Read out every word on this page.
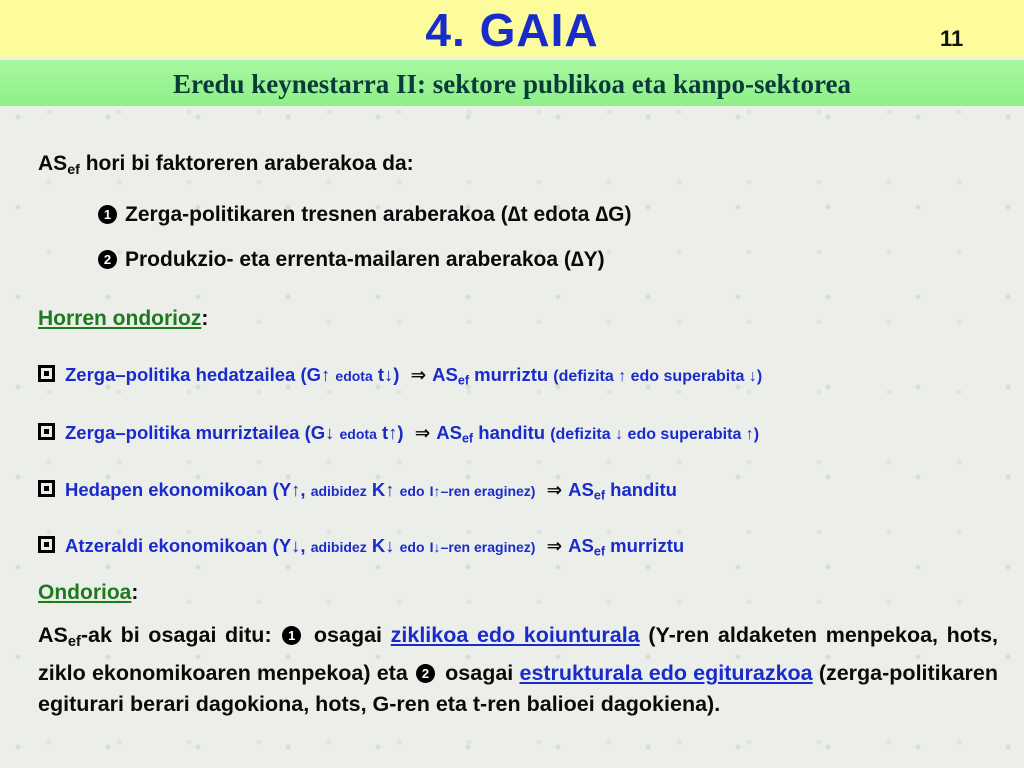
4. GAIA	11
Eredu keynestarra II: sektore publikoa eta kanpo-sektorea
$AS_{ef}$ hori bi faktoreren araberakoa da:
1 Zerga-politikaren tresnen araberakoa (∆t edota ∆G)
2 Produkzio- eta errenta-mailaren araberakoa (∆Y)
Horren ondorioz:
Zerga–politika hedatzailea (G↑ edota t↓) ⇒ $AS_{ef}$ murriztu (defizita ↑ edo superabita ↓)
Zerga–politika murriztailea (G↓ edota t↑) ⇒ $AS_{ef}$ handitu (defizita ↓ edo superabita ↑)
Hedapen ekonomikoan (Y↑, adibidez K↑ edo I↑–ren eraginez) ⇒ $AS_{ef}$ handitu
Atzeraldi ekonomikoan (Y↓, adibidez K↓ edo I↓–ren eraginez) ⇒ $AS_{ef}$ murriztu
Ondorioa:
$AS_{ef}-ak$ bi osagai ditu: 1 osagai ziklikoa edo koiunturala (Y-ren aldaketen menpekoa, hots, ziklo ekonomikoaren menpekoa) eta 2 osagai estrukturala edo egiturazkoa (zerga-politikaren egiturari berari dagokiona, hots, G-ren eta t-ren balioei dagokiena).
